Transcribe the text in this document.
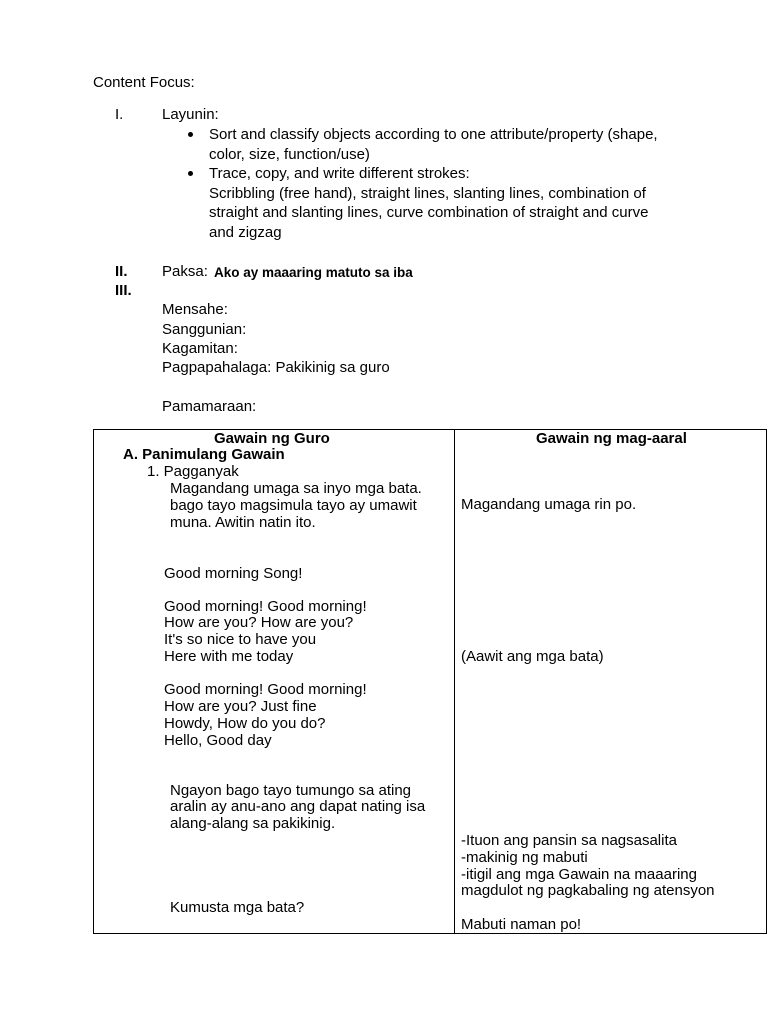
Content Focus:
I.	Layunin:
Sort and classify objects according to one attribute/property (shape,
color, size, function/use)
Trace, copy, and write different strokes:
Scribbling (free hand), straight lines, slanting lines, combination of
straight and slanting lines, curve combination of straight and curve
and zigzag
II. Paksa: Ako ay maaaring matuto sa iba
III.
Mensahe:
Sanggunian:
Kagamitan:
Pagpapahalaga: Pakikinig sa guro
Pamamaraan:
Gawain ng Guro
A. Panimulang Gawain
1. Pagganyak
Magandang umaga sa inyo mga bata.
bago tayo magsimula tayo ay umawit
muna. Awitin natin ito.
Good morning Song!
Good morning! Good morning!
How are you? How are you?
It's so nice to have you
Here with me today
Good morning! Good morning!
How are you? Just fine
Howdy, How do you do?
Hello, Good day
Ngayon bago tayo tumungo sa ating
aralin ay anu-ano ang dapat nating isa
alang-alang sa pakikinig.
Kumusta mga bata?
Gawain ng mag-aaral
Magandang umaga rin po.
(Aawit ang mga bata)
-Ituon ang pansin sa nagsasalita
-makinig ng mabuti
-itigil ang mga Gawain na maaaring
magdulot ng pagkabaling ng atensyon
Mabuti naman po!
